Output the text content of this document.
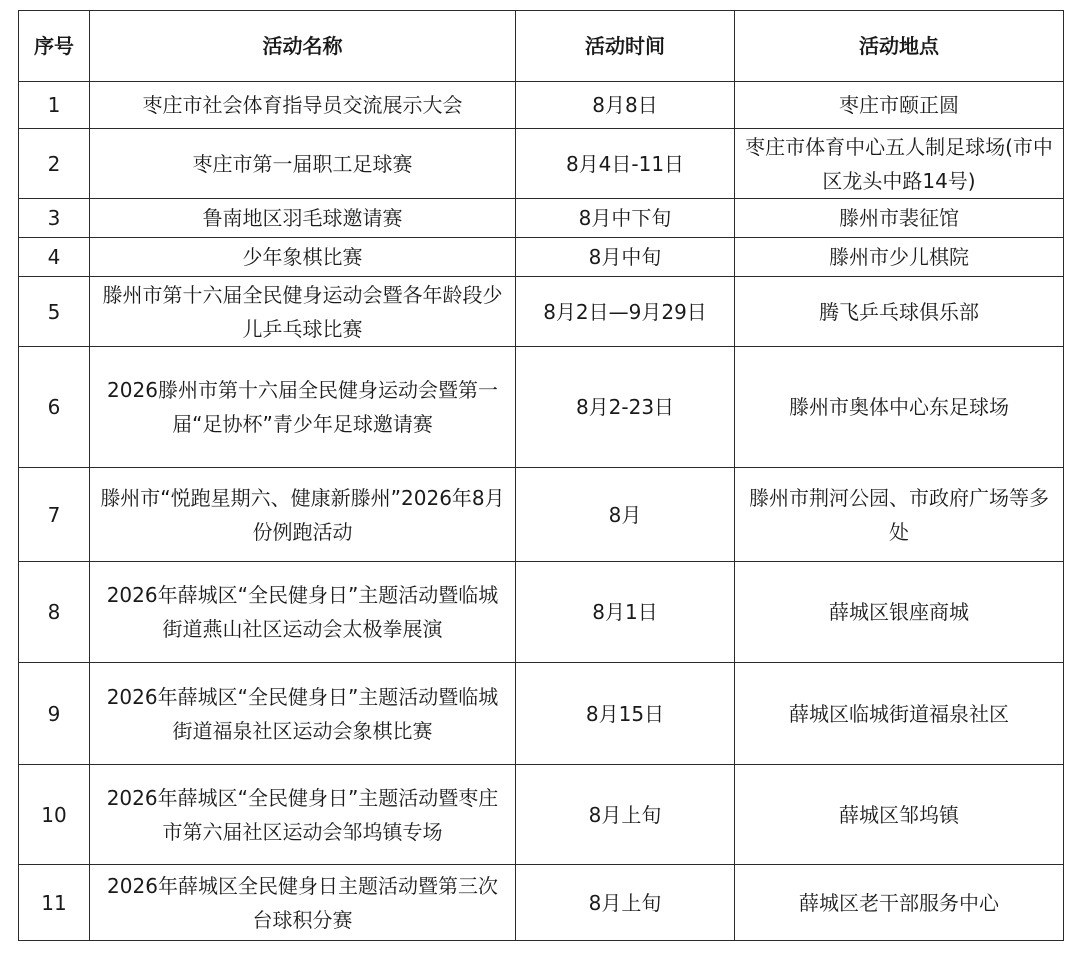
序号	活动名称	活动时间	活动地点
1	枣庄市社会体育指导员交流展示大会	8月8日	枣庄市颐正圆
2	枣庄市第一届职工足球赛	8月4日-11日	枣庄市体育中心五人制足球场(市中区龙头中路14号)
3	鲁南地区羽毛球邀请赛	8月中下旬	滕州市裴征馆
4	少年象棋比赛	8月中旬	滕州市少儿棋院
5	滕州市第十六届全民健身运动会暨各年龄段少儿乒乓球比赛	8月2日—9月29日	腾飞乒乓球俱乐部
6	2026滕州市第十六届全民健身运动会暨第一届“足协杯”青少年足球邀请赛	8月2-23日	滕州市奥体中心东足球场
7	滕州市“悦跑星期六、健康新滕州”2026年8月份例跑活动	8月	滕州市荆河公园、市政府广场等多处
8	2026年薛城区“全民健身日”主题活动暨临城街道燕山社区运动会太极拳展演	8月1日	薛城区银座商城
9	2026年薛城区“全民健身日”主题活动暨临城街道福泉社区运动会象棋比赛	8月15日	薛城区临城街道福泉社区
10	2026年薛城区“全民健身日”主题活动暨枣庄市第六届社区运动会邹坞镇专场	8月上旬	薛城区邹坞镇
11	2026年薛城区全民健身日主题活动暨第三次台球积分赛	8月上旬	薛城区老干部服务中心
